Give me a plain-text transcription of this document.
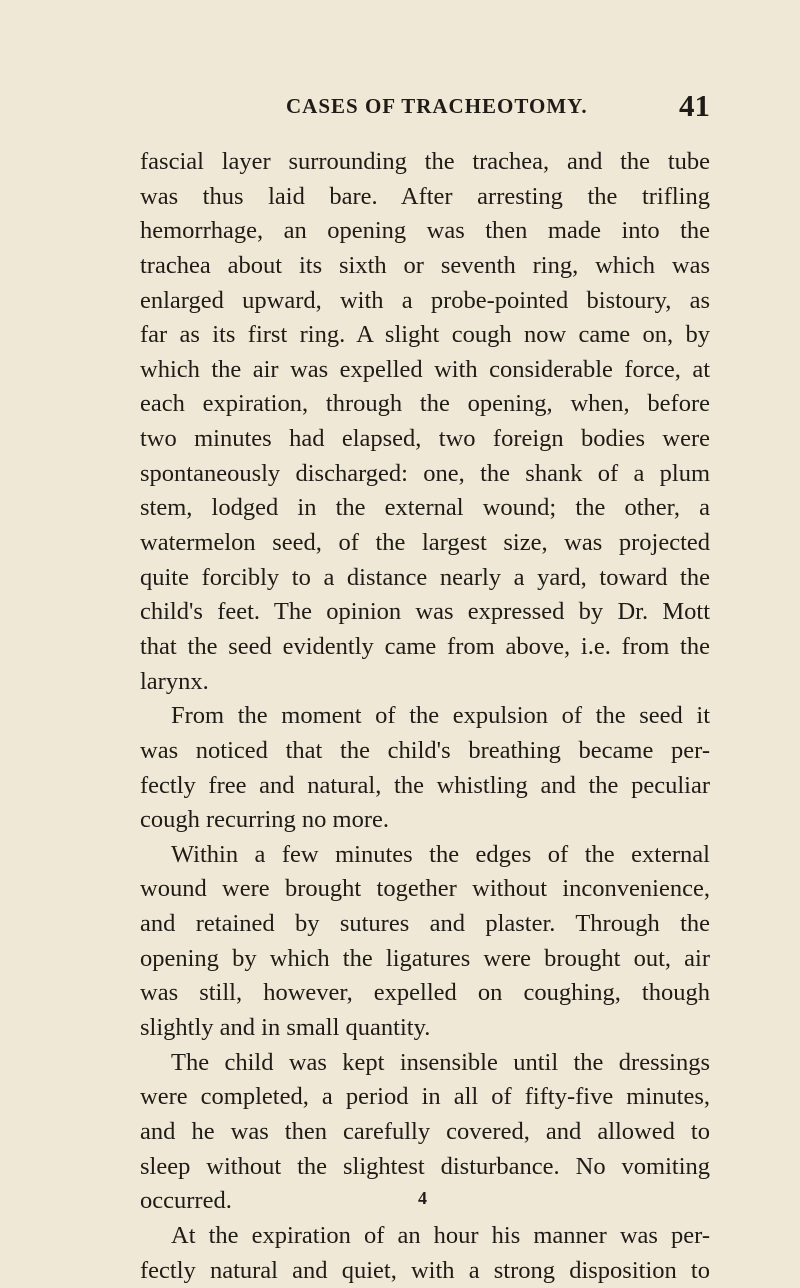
CASES OF TRACHEOTOMY.	41
fascial layer surrounding the trachea, and the tube
was thus laid bare. After arresting the trifling
hemorrhage, an opening was then made into the
trachea about its sixth or seventh ring, which was
enlarged upward, with a probe-pointed bistoury, as
far as its first ring. A slight cough now came on, by
which the air was expelled with considerable force, at
each expiration, through the opening, when, before
two minutes had elapsed, two foreign bodies were
spontaneously discharged: one, the shank of a plum
stem, lodged in the external wound; the other, a
watermelon seed, of the largest size, was projected
quite forcibly to a distance nearly a yard, toward the
child's feet. The opinion was expressed by Dr. Mott
that the seed evidently came from above, i.e. from the
larynx.
From the moment of the expulsion of the seed it
was noticed that the child's breathing became per-
fectly free and natural, the whistling and the peculiar
cough recurring no more.
Within a few minutes the edges of the external
wound were brought together without inconvenience,
and retained by sutures and plaster. Through the
opening by which the ligatures were brought out, air
was still, however, expelled on coughing, though
slightly and in small quantity.
The child was kept insensible until the dressings
were completed, a period in all of fifty-five minutes,
and he was then carefully covered, and allowed to
sleep without the slightest disturbance. No vomiting
occurred.
At the expiration of an hour his manner was per-
fectly natural and quiet, with a strong disposition to
4
